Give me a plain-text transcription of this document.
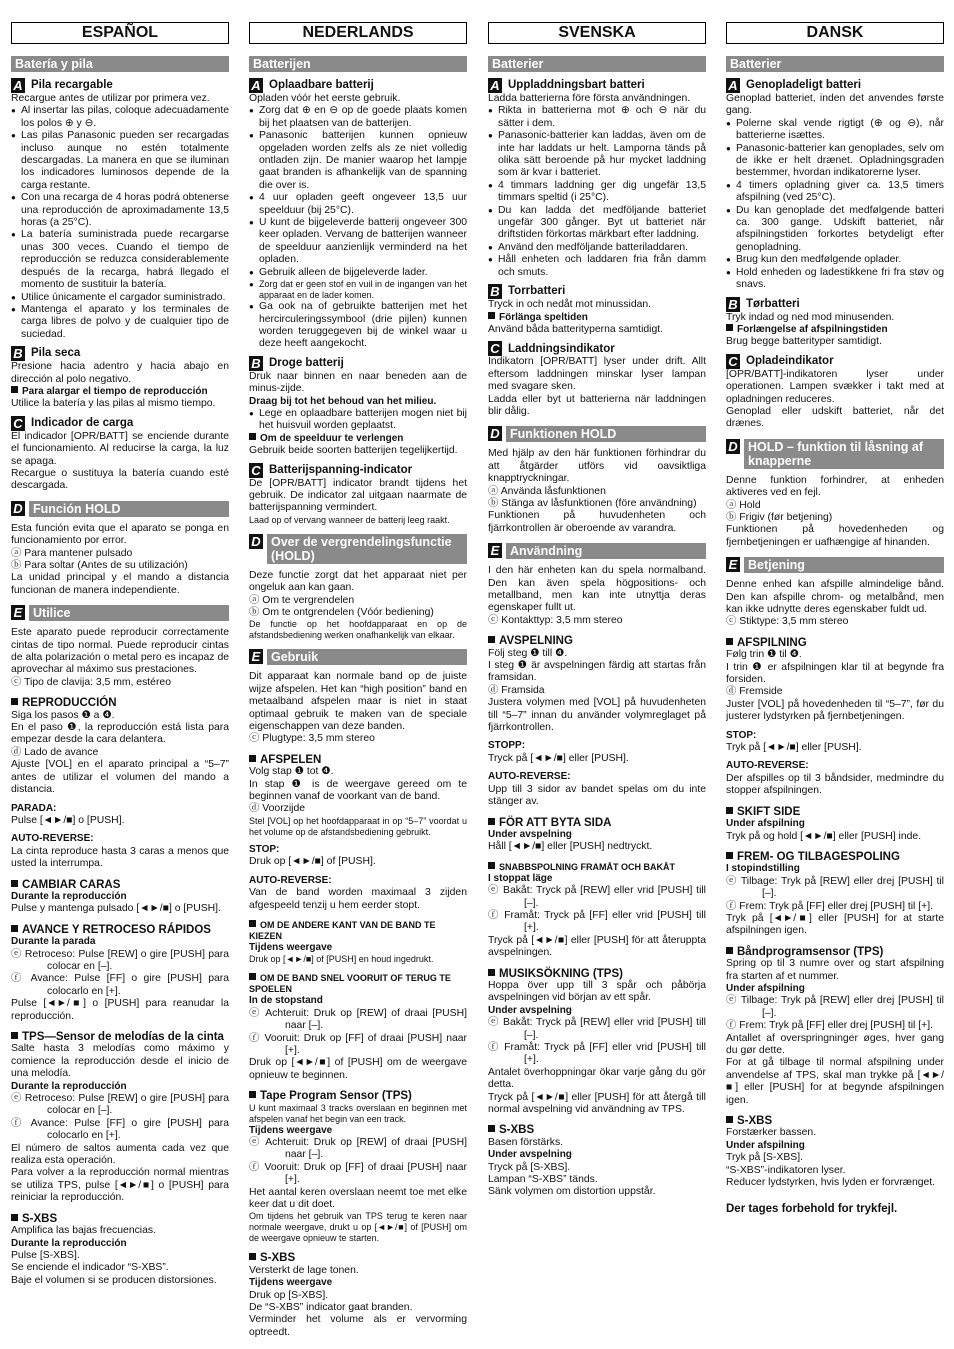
ESPAÑOL
Batería y pila
A Pila recargable

Recargue antes de utilizar por primera vez.

● Al insertar las pilas, coloque adecuadamente los polos ⊕ y ⊖.
● Las pilas Panasonic pueden ser recargadas incluso aunque no estén totalmente descargadas. La manera en que se iluminan los indicadores luminosos depende de la carga restante.
● Con una recarga de 4 horas podrá obtenerse una reproducción de aproximadamente 13,5 horas (a 25°C).
● La batería suministrada puede recargarse unas 300 veces. Cuando el tiempo de reproducción se reduzca considerablemente después de la recarga, habrá llegado el momento de sustituir la batería.
● Utilice únicamente el cargador suministrado.
● Mantenga el aparato y los terminales de carga libres de polvo y de cualquier tipo de suciedad.
B Pila seca

Presione hacia adentro y hacia abajo en dirección al polo negativo.

Para alargar el tiempo de reproducción

Utilice la batería y las pilas al mismo tiempo.

C Indicador de carga

El indicador [OPR/BATT] se enciende durante el funcionamiento. Al reducirse la carga, la luz se apaga.

Recargue o sustituya la batería cuando esté descargada.

D Función HOLD

Esta función evita que el aparato se ponga en funcionamiento por error.

ⓐ Para mantener pulsado

ⓑ Para soltar (Antes de su utilización)

La unidad principal y el mando a distancia funcionan de manera independiente.

E Utilice

Este aparato puede reproducir correctamente cintas de tipo normal. Puede reproducir cintas de alta polarización o metal pero es incapaz de aprovechar al máximo sus prestaciones.

ⓒ Tipo de clavija: 3,5 mm, estéreo

REPRODUCCIÓN

Siga los pasos ❶ a ❹.

En el paso ❶, la reproducción está lista para empezar desde la cara delantera.

ⓓ Lado de avance

Ajuste [VOL] en el aparato principal a “5–7” antes de utilizar el volumen del mando a distancia.

PARADA:

Pulse [◄►/■] o [PUSH].

AUTO-REVERSE:

La cinta reproduce hasta 3 caras a menos que usted la interrumpa.

CAMBIAR CARAS
Durante la reproducción

Pulse y mantenga pulsado [◄►/■] o [PUSH].

AVANCE Y RETROCESO RÁPIDOS
Durante la parada

ⓔ Retroceso: Pulse [REW] o gire [PUSH] para colocar en [–].

ⓕ Avance: Pulse [FF] o gire [PUSH] para colocarlo en [+].

Pulse [◄►/■] o [PUSH] para reanudar la reproducción.

TPS—Sensor de melodías de la cinta

Salte hasta 3 melodías como máximo y comience la reproducción desde el inicio de una melodía.

Durante la reproducción

ⓔ Retroceso: Pulse [REW] o gire [PUSH] para colocar en [–].

ⓕ Avance: Pulse [FF] o gire [PUSH] para colocarlo en [+].

El número de saltos aumenta cada vez que realiza esta operación.

Para volver a la reproducción normal mientras se utiliza TPS, pulse [◄►/■] o [PUSH] para reiniciar la reproducción.

S-XBS

Amplifica las bajas frecuencias.

Durante la reproducción

Pulse [S-XBS].

Se enciende el indicador “S-XBS”.

Baje el volumen si se producen distorsiones.

NEDERLANDS
Batterijen
A Oplaadbare batterij

Opladen vóór het eerste gebruik.

● Zorg dat ⊕ en ⊖ op de goede plaats komen bij het plaatsen van de batterijen.
● Panasonic batterijen kunnen opnieuw opgeladen worden zelfs als ze niet volledig ontladen zijn. De manier waarop het lampje gaat branden is afhankelijk van de spanning die over is.
● 4 uur opladen geeft ongeveer 13,5 uur speelduur (bij 25°C).
● U kunt de bijgeleverde batterij ongeveer 300 keer opladen. Vervang de batterijen wanneer de speelduur aanzienlijk verminderd na het opladen.
● Gebruik alleen de bijgeleverde lader.
● Zorg dat er geen stof en vuil in de ingangen van het apparaat en de lader komen.
● Ga ook na of gebruikte batterijen met het hercirculeringssymbool (drie pijlen) kunnen worden teruggegeven bij de winkel waar u deze heeft aangekocht.
B Droge batterij

Druk naar binnen en naar beneden aan de minus-zijde.

Draag bij tot het behoud van het milieu.
● Lege en oplaadbare batterijen mogen niet bij het huisvuil worden geplaatst.
Om de speelduur te verlengen

Gebruik beide soorten batterijen tegelijkertijd.

C Batterijspanning-indicator

De [OPR/BATT] indicator brandt tijdens het gebruik. De indicator zal uitgaan naarmate de batterijspanning vermindert.

Laad op of vervang wanneer de batterij leeg raakt.

D Over de vergrendelingsfunctie (HOLD)

Deze functie zorgt dat het apparaat niet per ongeluk aan kan gaan.

ⓐ Om te vergrendelen

ⓑ Om te ontgrendelen (Vóór bediening)

De functie op het hoofdapparaat en op de afstandsbediening werken onafhankelijk van elkaar.

E Gebruik

Dit apparaat kan normale band op de juiste wijze afspelen. Het kan “high position” band en metaalband afspelen maar is niet in staat optimaal gebruik te maken van de speciale eigenschappen van deze banden.

ⓒ Plugtype: 3,5 mm stereo

AFSPELEN

Volg stap ❶ tot ❹.

In stap ❶ is de weergave gereed om te beginnen vanaf de voorkant van de band.

ⓓ Voorzijde

Stel [VOL] op het hoofdapparaat in op “5–7” voordat u het volume op de afstandsbediening gebruikt.

STOP:

Druk op [◄►/■] of [PUSH].

AUTO-REVERSE:

Van de band worden maximaal 3 zijden afgespeeld tenzij u hem eerder stopt.

OM DE ANDERE KANT VAN DE BAND TE KIEZEN
Tijdens weergave

Druk op [◄►/■] of [PUSH] en houd ingedrukt.

OM DE BAND SNEL VOORUIT OF TERUG TE SPOELEN
In de stopstand

ⓔ Achteruit: Druk op [REW] of draai [PUSH] naar [–].

ⓕ Vooruit: Druk op [FF] of draai [PUSH] naar [+].

Druk op [◄►/■] of [PUSH] om de weergave opnieuw te beginnen.

Tape Program Sensor (TPS)

U kunt maximaal 3 tracks overslaan en beginnen met afspelen vanaf het begin van een track.

Tijdens weergave

ⓔ Achteruit: Druk op [REW] of draai [PUSH] naar [–].

ⓕ Vooruit: Druk op [FF] of draai [PUSH] naar [+].

Het aantal keren overslaan neemt toe met elke keer dat u dit doet.

Om tijdens het gebruik van TPS terug te keren naar normale weergave, drukt u op [◄►/■] of [PUSH] om de weergave opnieuw te starten.

S-XBS

Versterkt de lage tonen.

Tijdens weergave

Druk op [S-XBS].

De “S-XBS” indicator gaat branden.

Verminder het volume als er vervorming optreedt.

SVENSKA
Batterier
A Uppladdningsbart batteri

Ladda batterierna före första användningen.

● Rikta in batterierna mot ⊕ och ⊖ när du sätter i dem.
● Panasonic-batterier kan laddas, även om de inte har laddats ur helt. Lamporna tänds på olika sätt beroende på hur mycket laddning som är kvar i batteriet.
● 4 timmars laddning ger dig ungefär 13,5 timmars speltid (i 25°C).
● Du kan ladda det medföljande batteriet ungefär 300 gånger. Byt ut batteriet när driftstiden förkortas märkbart efter laddning.
● Använd den medföljande batteriladdaren.
● Håll enheten och laddaren fria från damm och smuts.
B Torrbatteri

Tryck in och nedåt mot minussidan.

Förlänga speltiden

Använd båda batterityperna samtidigt.

C Laddningsindikator

Indikatorn [OPR/BATT] lyser under drift. Allt eftersom laddningen minskar lyser lampan med svagare sken.

Ladda eller byt ut batterierna när laddningen blir dålig.

D Funktionen HOLD

Med hjälp av den här funktionen förhindrar du att åtgärder utförs vid oavsiktliga knapptryckningar.

ⓐ Använda låsfunktionen

ⓑ Stänga av låsfunktionen (före användning)

Funktionen på huvudenheten och fjärrkontrollen är oberoende av varandra.

E Användning

I den här enheten kan du spela normalband. Den kan även spela högpositions- och metallband, men kan inte utnyttja deras egenskaper fullt ut.

ⓒ Kontakttyp: 3,5 mm stereo

AVSPELNING

Följ steg ❶ till ❹.

I steg ❶ är avspelningen färdig att startas från framsidan.

ⓓ Framsida

Justera volymen med [VOL] på huvudenheten till “5–7” innan du använder volymreglaget på fjärrkontrollen.

STOPP:

Tryck på [◄►/■] eller [PUSH].

AUTO-REVERSE:

Upp till 3 sidor av bandet spelas om du inte stänger av.

FÖR ATT BYTA SIDA
Under avspelning

Håll [◄►/■] eller [PUSH] nedtryckt.

SNABBSPOLNING FRAMÅT OCH BAKÅT
I stoppat läge

ⓔ Bakåt: Tryck på [REW] eller vrid [PUSH] till [–].

ⓕ Framåt: Tryck på [FF] eller vrid [PUSH] till [+].

Tryck på [◄►/■] eller [PUSH] för att återuppta avspelningen.

MUSIKSÖKNING (TPS)

Hoppa över upp till 3 spår och påbörja avspelningen vid början av ett spår.

Under avspelning

ⓔ Bakåt: Tryck på [REW] eller vrid [PUSH] till [–].

ⓕ Framåt: Tryck på [FF] eller vrid [PUSH] till [+].

Antalet överhoppningar ökar varje gång du gör detta.

Tryck på [◄►/■] eller [PUSH] för att återgå till normal avspelning vid användning av TPS.

S-XBS

Basen förstärks.

Under avspelning

Tryck på [S-XBS].

Lampan “S-XBS” tänds.

Sänk volymen om distortion uppstår.

DANSK
Batterier
A Genopladeligt batteri

Genoplad batteriet, inden det anvendes første gang.

● Polerne skal vende rigtigt (⊕ og ⊖), når batterierne isættes.
● Panasonic-batterier kan genoplades, selv om de ikke er helt drænet. Opladningsgraden bestemmer, hvordan indikatorerne lyser.
● 4 timers opladning giver ca. 13,5 timers afspilning (ved 25°C).
● Du kan genoplade det medfølgende batteri ca. 300 gange. Udskift batteriet, når afspilningstiden forkortes betydeligt efter genopladning.
● Brug kun den medfølgende oplader.
● Hold enheden og ladestikkene fri fra støv og snavs.
B Tørbatteri

Tryk indad og ned mod minusenden.

Forlængelse af afspilningstiden

Brug begge batterityper samtidigt.

C Opladeindikator

[OPR/BATT]-indikatoren lyser under operationen. Lampen svækker i takt med at opladningen reduceres.

Genoplad eller udskift batteriet, når det drænes.

D HOLD – funktion til låsning af knapperne

Denne funktion forhindrer, at enheden aktiveres ved en fejl.

ⓐ Hold

ⓑ Frigiv (før betjening)

Funktionen på hovedenheden og fjernbetjeningen er uafhængige af hinanden.

E Betjening

Denne enhed kan afspille almindelige bånd. Den kan afspille chrom- og metalbånd, men kan ikke udnytte deres egenskaber fuldt ud.

ⓒ Stiktype: 3,5 mm stereo

AFSPILNING

Følg trin ❶ til ❹.

I trin ❶ er afspilningen klar til at begynde fra forsiden.

ⓓ Fremside

Juster [VOL] på hovedenheden til “5–7”, før du justerer lydstyrken på fjernbetjeningen.

STOP:

Tryk på [◄►/■] eller [PUSH].

AUTO-REVERSE:

Der afspilles op til 3 båndsider, medmindre du stopper afspilningen.

SKIFT SIDE
Under afspilning

Tryk på og hold [◄►/■] eller [PUSH] inde.

FREM- OG TILBAGESPOLING
I stopindstilling

ⓔ Tilbage: Tryk på [REW] eller drej [PUSH] til [–].

ⓕ Frem: Tryk på [FF] eller drej [PUSH] til [+].

Tryk på [◄►/■] eller [PUSH] for at starte afspilningen igen.

Båndprogramsensor (TPS)

Spring op til 3 numre over og start afspilning fra starten af et nummer.

Under afspilning

ⓔ Tilbage: Tryk på [REW] eller drej [PUSH] til [–].

ⓕ Frem: Tryk på [FF] eller drej [PUSH] til [+].

Antallet af overspringninger øges, hver gang du gør dette.

For at gå tilbage til normal afspilning under anvendelse af TPS, skal man trykke på [◄►/■] eller [PUSH] for at begynde afspilningen igen.

S-XBS

Forstærker bassen.

Under afspilning

Tryk på [S-XBS].

“S-XBS”-indikatoren lyser.

Reducer lydstyrken, hvis lyden er forvrænget.

Der tages forbehold for trykfejl.
